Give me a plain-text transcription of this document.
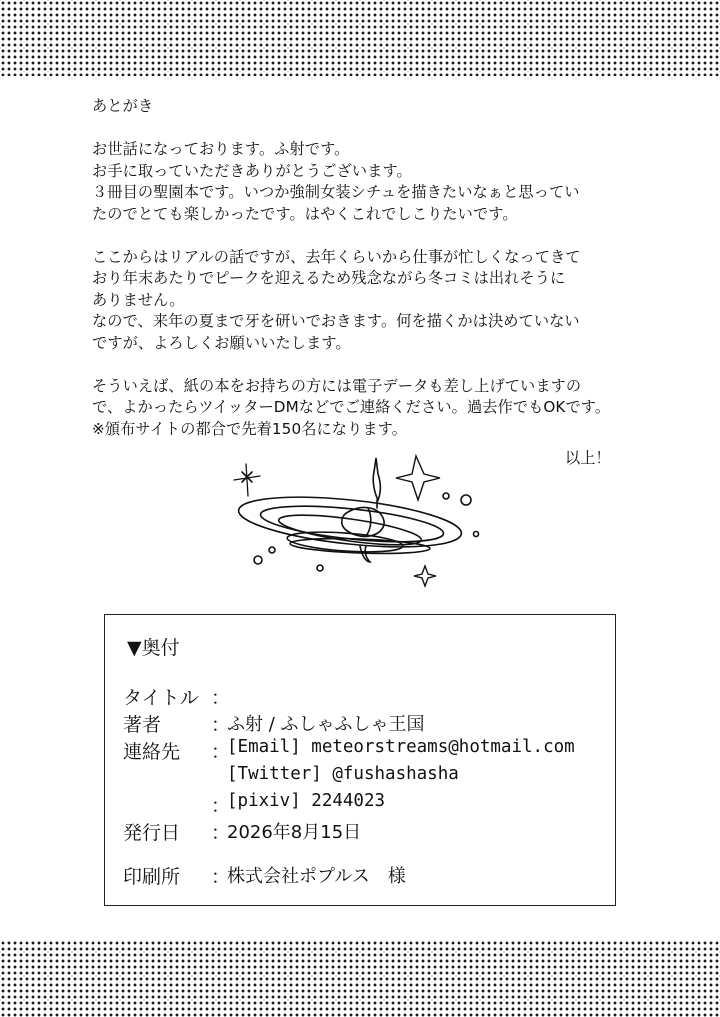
あとがき

お世話になっております。ふ射です。
お手に取っていただきありがとうございます。
３冊目の聖園本です。いつか強制女装シチュを描きたいなぁと思ってい
たのでとても楽しかったです。はやくこれでしこりたいです。

ここからはリアルの話ですが、去年くらいから仕事が忙しくなってきて
おり年末あたりでピークを迎えるため残念ながら冬コミは出れそうに
ありません。
なので、来年の夏まで牙を研いでおきます。何を描くかは決めていない
ですが、よろしくお願いいたします。

そういえば、紙の本をお持ちの方には電子データも差し上げていますの
で、よかったらツイッターDMなどでご連絡ください。過去作でもOKです。
※頒布サイトの都合で先着150名になります。

以上！
▼奥付
タイトル ：
著者	：
ふ射 / ふしゃふしゃ王国
連絡先	：
[Email] meteorstreams@hotmail.com
[Twitter] @fushashasha
：
[pixiv] 2244023
発行日	：
2026年8月15日
印刷所	：
株式会社ポプルス　様
